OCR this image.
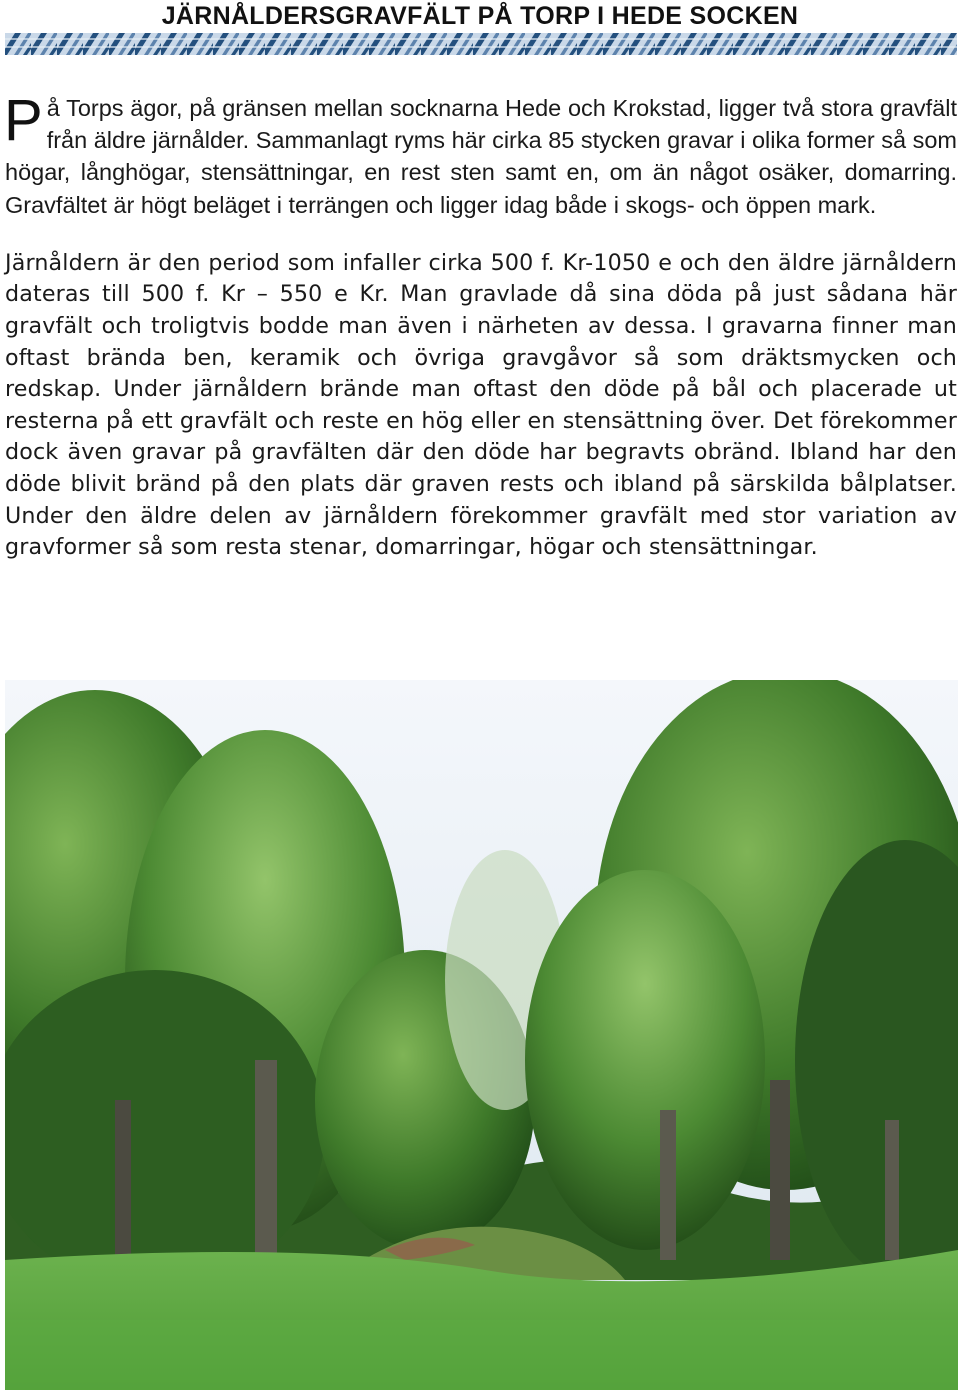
JÄRNÅLDERSGRAVFÄLT PÅ TORP I HEDE SOCKEN
På Torps ägor, på gränsen mellan socknarna Hede och Krokstad, ligger två stora gravfält från äldre järnålder. Sammanlagt ryms här cirka 85 stycken gravar i olika former så som högar, långhögar, stensättningar, en rest sten samt en, om än något osäker, domarring. Gravfältet är högt beläget i terrängen och ligger idag både i skogs- och öppen mark.
Järnåldern är den period som infaller cirka 500 f. Kr-1050 e och den äldre järnåldern dateras till 500 f. Kr – 550 e Kr. Man gravlade då sina döda på just sådana här gravfält och troligtvis bodde man även i närheten av dessa. I gravarna finner man oftast brända ben, keramik och övriga gravgåvor så som dräktsmycken och redskap. Under järnåldern brände man oftast den döde på bål och placerade ut resterna på ett gravfält och reste en hög eller en stensättning över. Det förekommer dock även gravar på gravfälten där den döde har begravts obränd. Ibland har den döde blivit bränd på den plats där graven rests och ibland på särskilda bålplatser. Under den äldre delen av järnåldern förekommer gravfält med stor variation av gravformer så som resta stenar, domarringar, högar och stensättningar.
